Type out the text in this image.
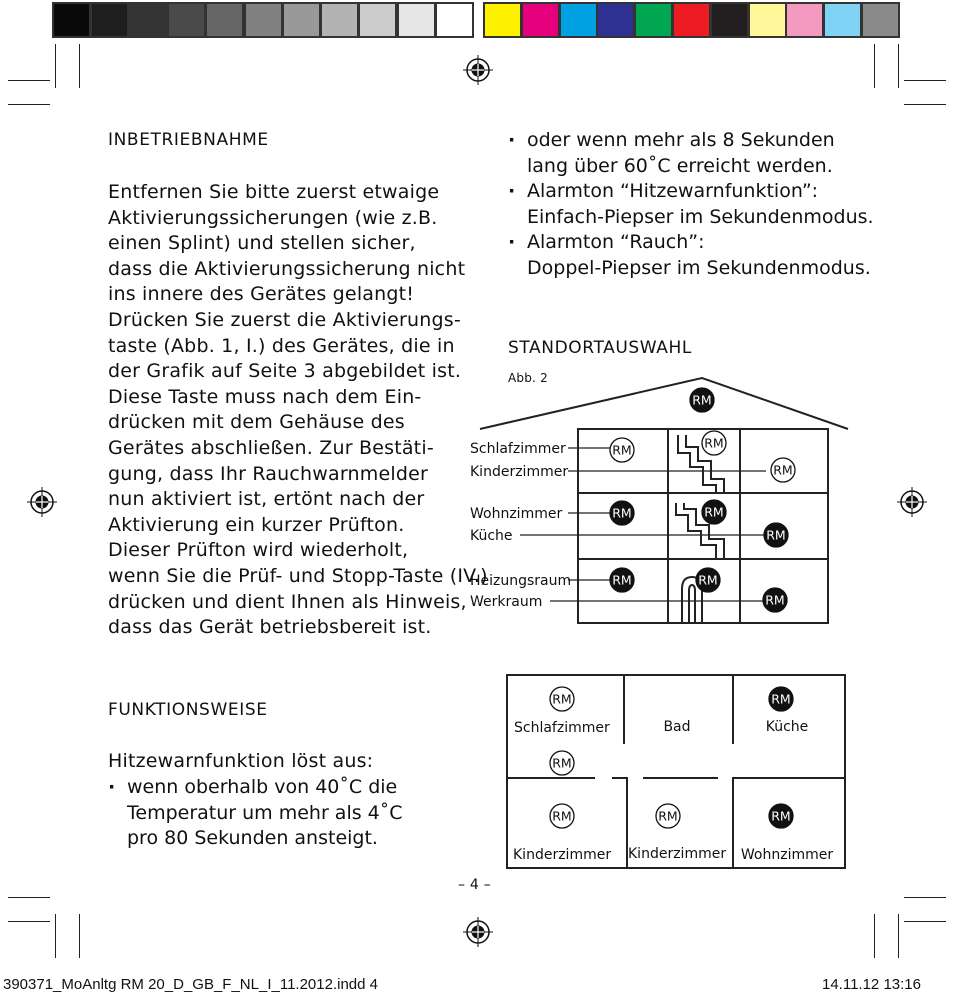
INBETRIEBNAHME
Entfernen Sie bitte zuerst etwaige
Aktivierungssicherungen (wie z.B.
einen Splint) und stellen sicher,
dass die Aktivierungssicherung nicht
ins innere des Gerätes gelangt!
Drücken Sie zuerst die Aktivierungs-
taste (Abb. 1, I.) des Gerätes, die in
der Grafik auf Seite 3 abgebildet ist.
Diese Taste muss nach dem Ein-
drücken mit dem Gehäuse des
Gerätes abschließen. Zur Bestäti-
gung, dass Ihr Rauchwarnmelder
nun aktiviert ist, ertönt nach der
Aktivierung ein kurzer Prüfton.
Dieser Prüfton wird wiederholt,
wenn Sie die Prüf- und Stopp-Taste (IV.)
drücken und dient Ihnen als Hinweis,
dass das Gerät betriebsbereit ist.
FUNKTIONSWEISE
Hitzewarnfunktion löst aus:
· wenn oberhalb von 40˚C die
Temperatur um mehr als 4˚C
pro 80 Sekunden ansteigt.
· oder wenn mehr als 8 Sekunden
lang über 60˚C erreicht werden.
· Alarmton “Hitzewarnfunktion”:
Einfach-Piepser im Sekundenmodus.
· Alarmton “Rauch”:
Doppel-Piepser im Sekundenmodus.
STANDORTAUSWAHL
Abb. 2
Schlafzimmer
Kinderzimmer
Wohnzimmer
Küche
Heizungsraum
Werkraum
RM
RM	RM
RM
RM	RM
RM
RM	RM
RM
Schlafzimmer	Bad	Küche
Kinderzimmer Kinderzimmer Wohnzimmer
RM	RM
RM
RM	RM	RM
– 4 –
390371_MoAnltg RM 20_D_GB_F_NL_I_11.2012.indd 4	14.11.12 13:16
